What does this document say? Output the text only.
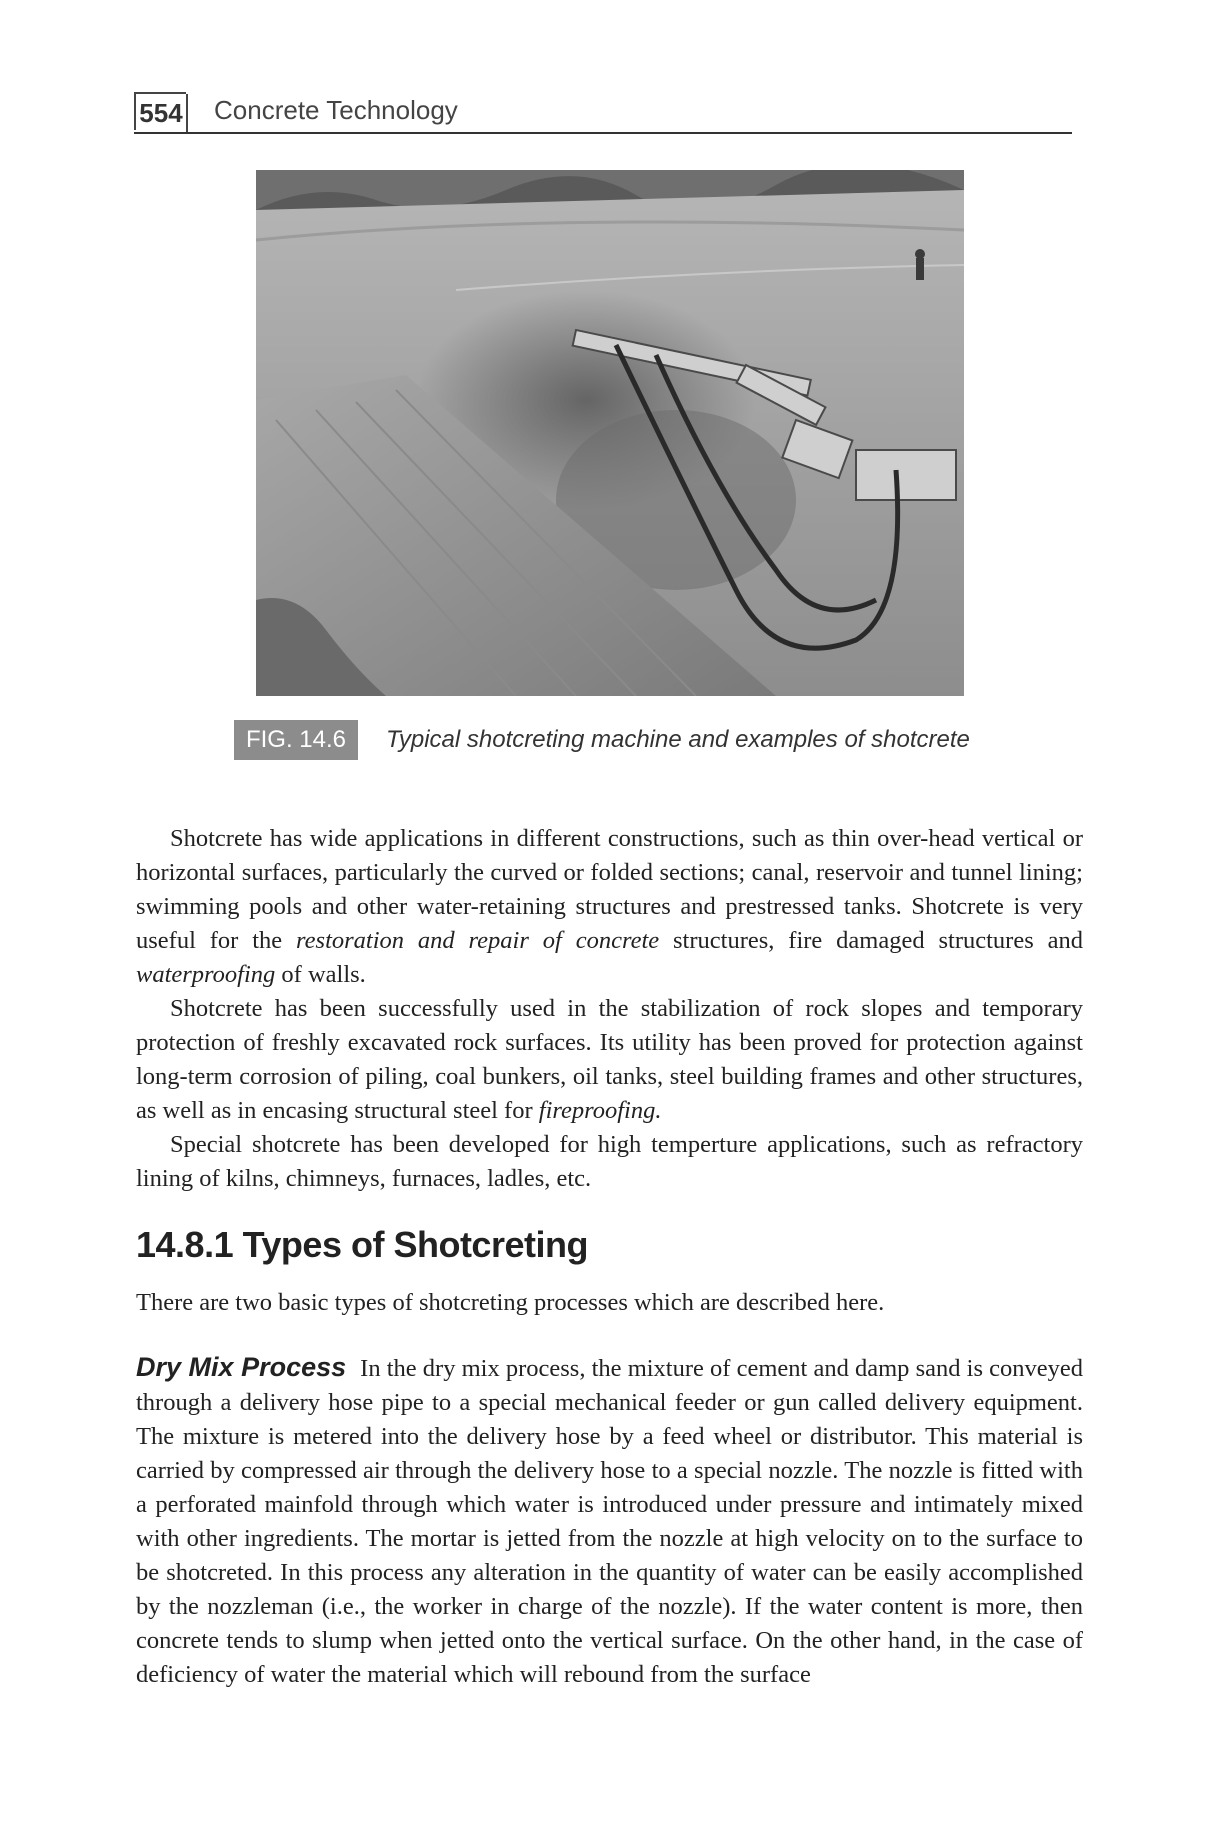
554 Concrete Technology
FIG. 14.6	Typical shotcreting machine and examples of shotcrete

Shotcrete has wide applications in different constructions, such as thin over-head vertical or horizontal surfaces, particularly the curved or folded sections; canal, reservoir and tunnel lining; swimming pools and other water-retaining structures and prestressed tanks. Shotcrete is very useful for the restoration and repair of concrete structures, fire damaged structures and waterproofing of walls.

Shotcrete has been successfully used in the stabilization of rock slopes and temporary protection of freshly excavated rock surfaces. Its utility has been proved for protection against long-term corrosion of piling, coal bunkers, oil tanks, steel building frames and other structures, as well as in encasing structural steel for fireproofing.

Special shotcrete has been developed for high temperture applications, such as refractory lining of kilns, chimneys, furnaces, ladles, etc.

14.8.1 Types of Shotcreting

There are two basic types of shotcreting processes which are described here.

Dry Mix Process In the dry mix process, the mixture of cement and damp sand is conveyed through a delivery hose pipe to a special mechanical feeder or gun called delivery equipment. The mixture is metered into the delivery hose by a feed wheel or distributor. This material is carried by compressed air through the delivery hose to a special nozzle. The nozzle is fitted with a perforated mainfold through which water is introduced under pressure and intimately mixed with other ingredients. The mortar is jetted from the nozzle at high velocity on to the surface to be shotcreted. In this process any alteration in the quantity of water can be easily accomplished by the nozzleman (i.e., the worker in charge of the nozzle). If the water content is more, then concrete tends to slump when jetted onto the vertical surface. On the other hand, in the case of deficiency of water the material which will rebound from the surface
